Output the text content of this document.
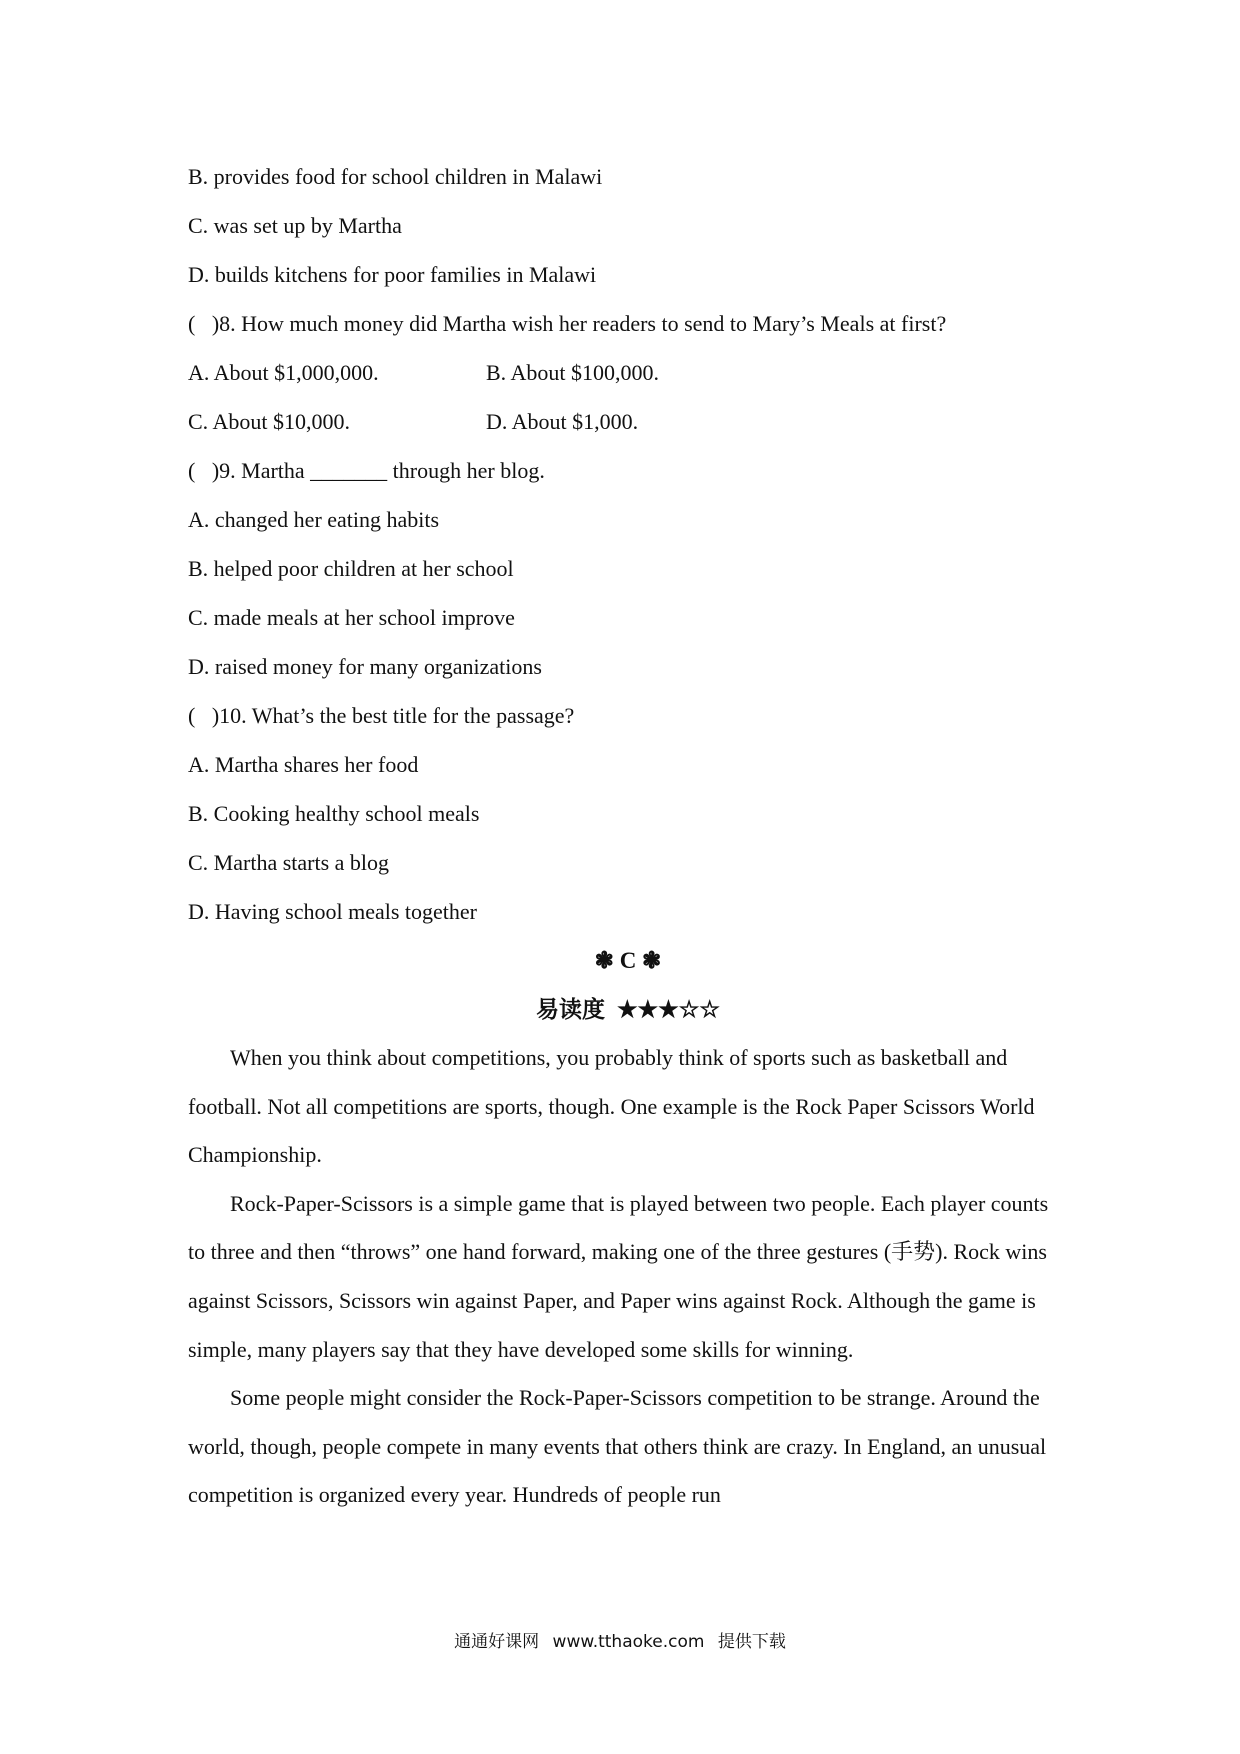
B. provides food for school children in Malawi
C. was set up by Martha
D. builds kitchens for poor families in Malawi
(   )8. How much money did Martha wish her readers to send to Mary’s Meals at first?
A. About $1,000,000.	B. About $100,000.
C. About $10,000.	D. About $1,000.
(   )9. Martha _______ through her blog.
A. changed her eating habits
B. helped poor children at her school
C. made meals at her school improve
D. raised money for many organizations
(   )10. What’s the best title for the passage?
A. Martha shares her food
B. Cooking healthy school meals
C. Martha starts a blog
D. Having school meals together
❃ C ❃
易读度 ★★★☆☆

When you think about competitions, you probably think of sports such as basketball and football. Not all competitions are sports, though. One example is the Rock Paper Scissors World Championship.

Rock-Paper-Scissors is a simple game that is played between two people. Each player counts to three and then “throws” one hand forward, making one of the three gestures (手势). Rock wins against Scissors, Scissors win against Paper, and Paper wins against Rock. Although the game is simple, many players say that they have developed some skills for winning.

Some people might consider the Rock-Paper-Scissors competition to be strange. Around the world, though, people compete in many events that others think are crazy. In England, an unusual competition is organized every year. Hundreds of people run

通通好课网 www.tthaoke.com 提供下载
